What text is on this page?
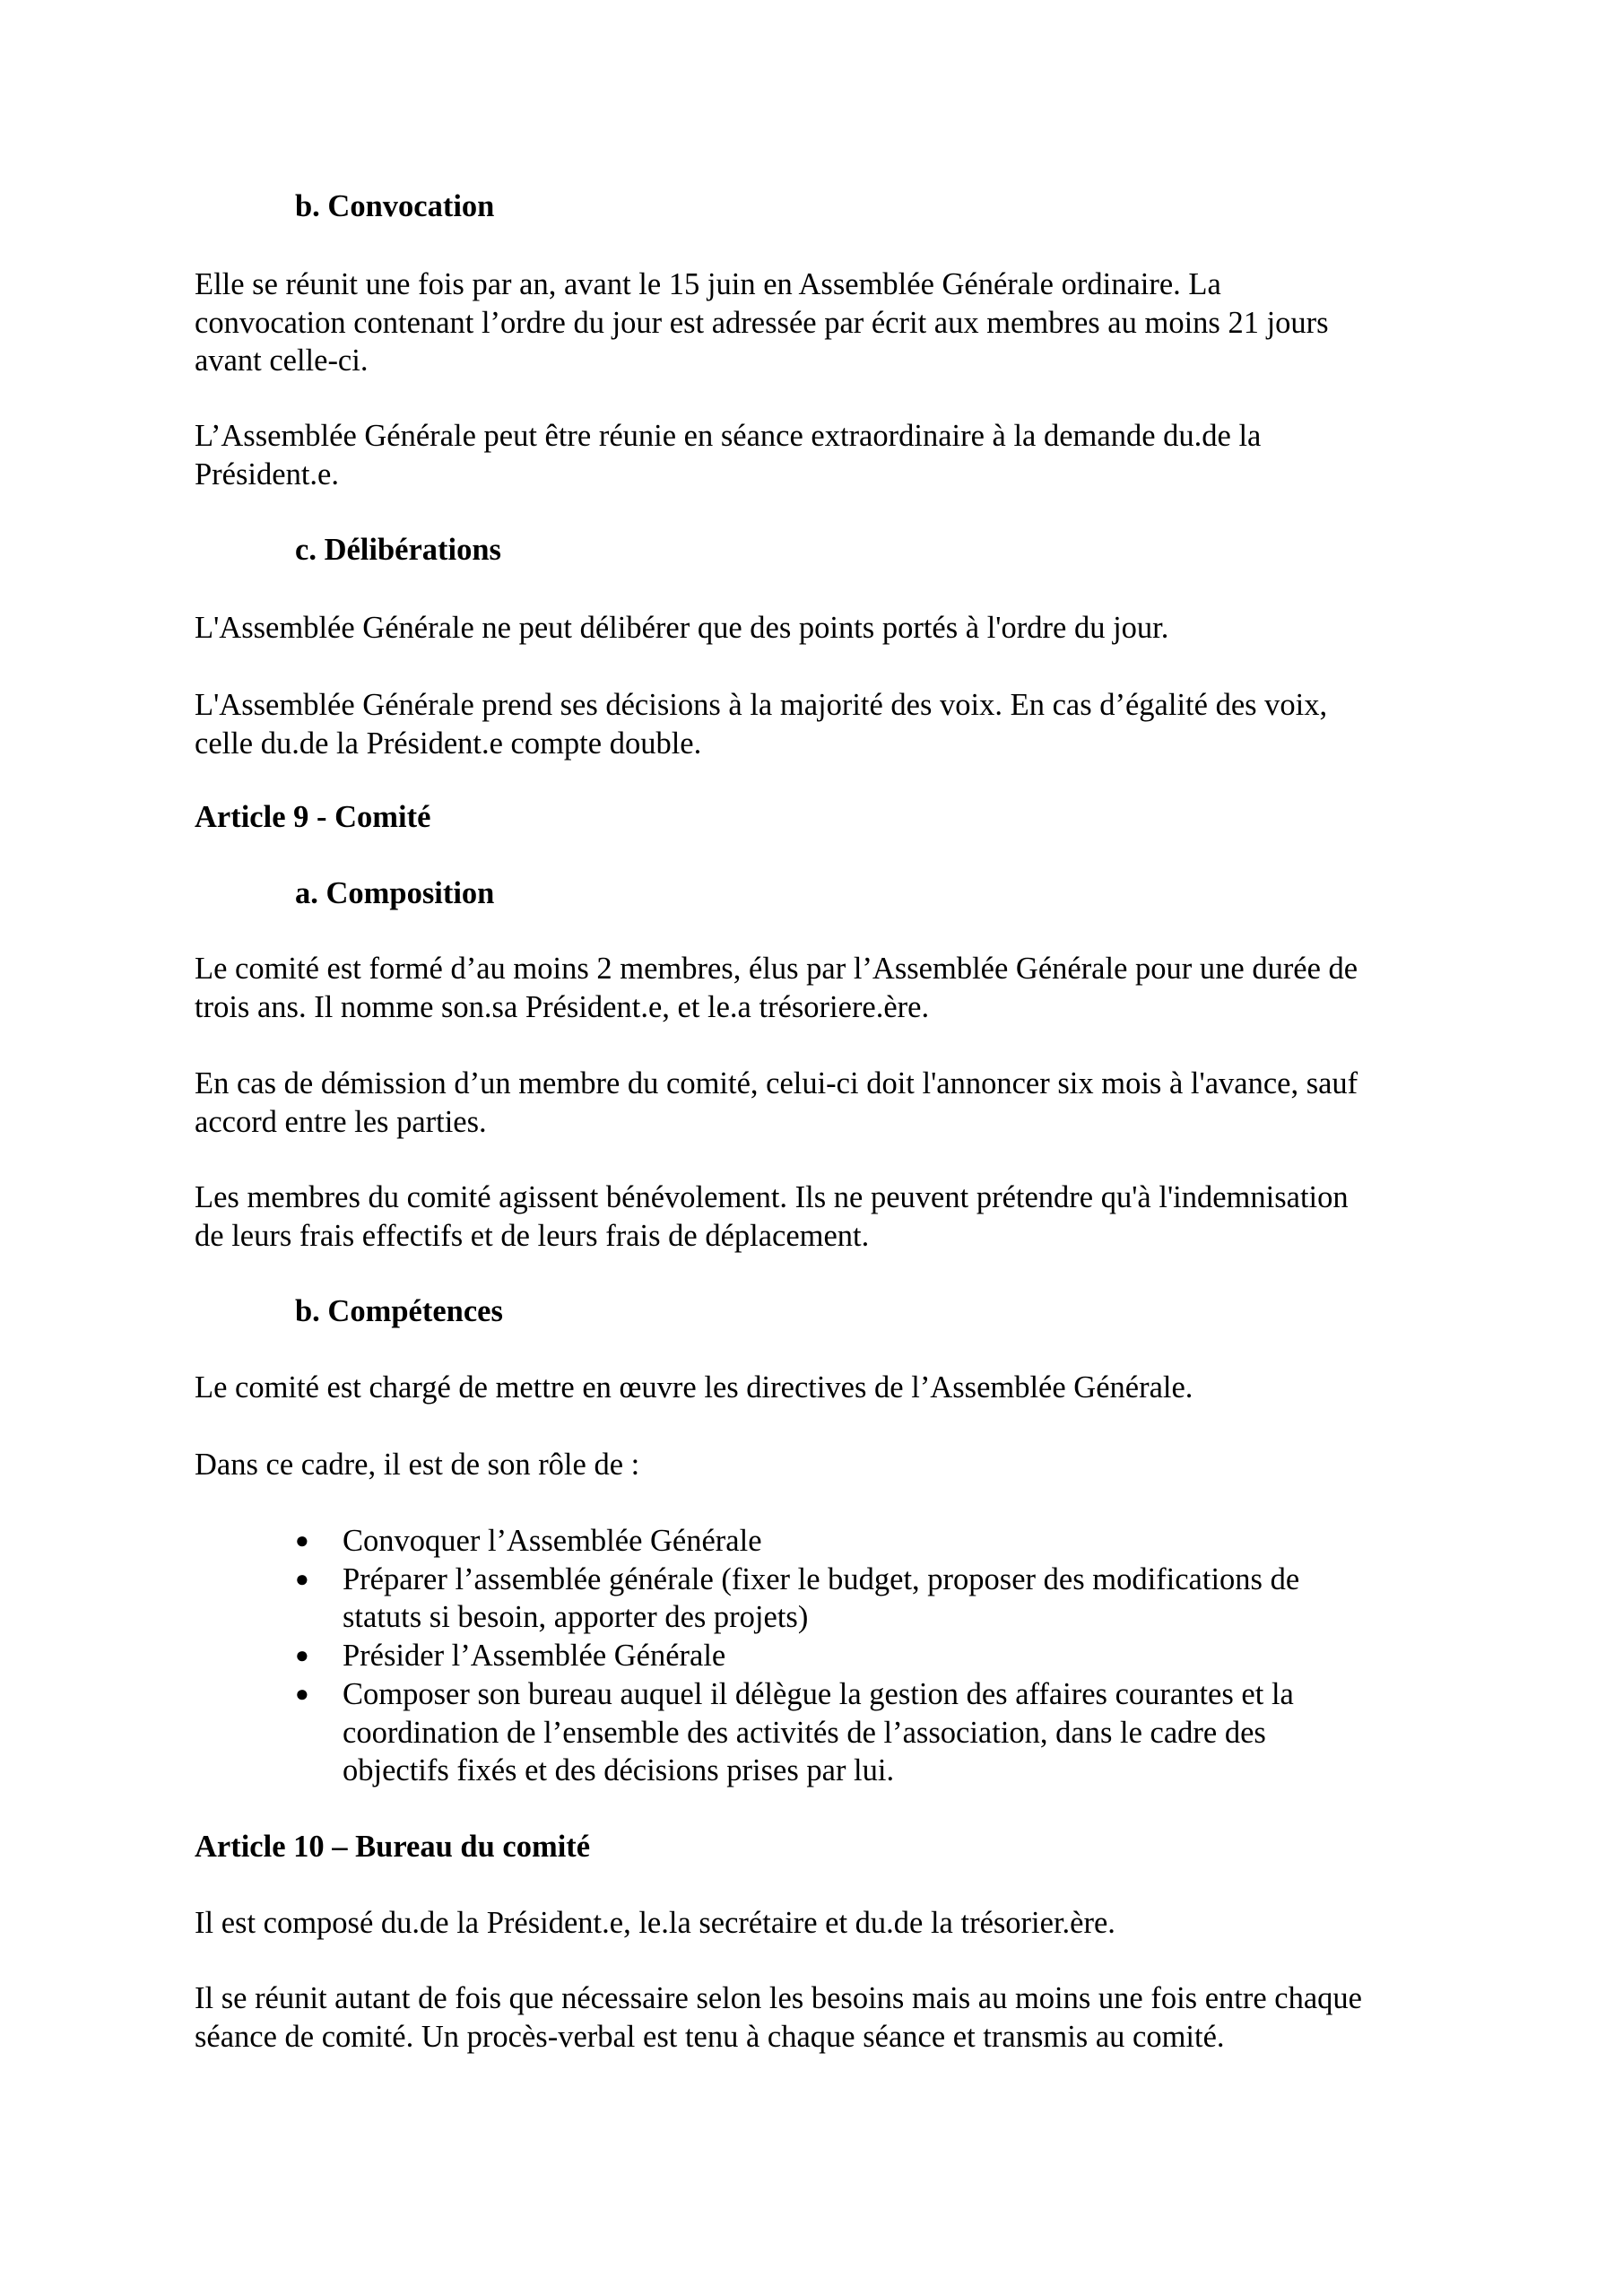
b. Convocation
Elle se réunit une fois par an, avant le 15 juin en Assemblée Générale ordinaire. La
convocation contenant l’ordre du jour est adressée par écrit aux membres au moins 21 jours
avant celle-ci.
L’Assemblée Générale peut être réunie en séance extraordinaire à la demande du.de la
Président.e.
c. Délibérations
L'Assemblée Générale ne peut délibérer que des points portés à l'ordre du jour.
L'Assemblée Générale prend ses décisions à la majorité des voix. En cas d’égalité des voix,
celle du.de la Président.e compte double.
Article 9 - Comité
a. Composition
Le comité est formé d’au moins 2 membres, élus par l’Assemblée Générale pour une durée de
trois ans. Il nomme son.sa Président.e, et le.a trésoriere.ère.
En cas de démission d’un membre du comité, celui-ci doit l'annoncer six mois à l'avance, sauf
accord entre les parties.
Les membres du comité agissent bénévolement. Ils ne peuvent prétendre qu'à l'indemnisation
de leurs frais effectifs et de leurs frais de déplacement.
b. Compétences
Le comité est chargé de mettre en œuvre les directives de l’Assemblée Générale.
Dans ce cadre, il est de son rôle de :
● Convoquer l’Assemblée Générale
● Préparer l’assemblée générale (fixer le budget, proposer des modifications de
statuts si besoin, apporter des projets)
● Présider l’Assemblée Générale
● Composer son bureau auquel il délègue la gestion des affaires courantes et la
coordination de l’ensemble des activités de l’association, dans le cadre des
objectifs fixés et des décisions prises par lui.
Article 10 – Bureau du comité
Il est composé du.de la Président.e, le.la secrétaire et du.de la trésorier.ère.
Il se réunit autant de fois que nécessaire selon les besoins mais au moins une fois entre chaque
séance de comité. Un procès-verbal est tenu à chaque séance et transmis au comité.
